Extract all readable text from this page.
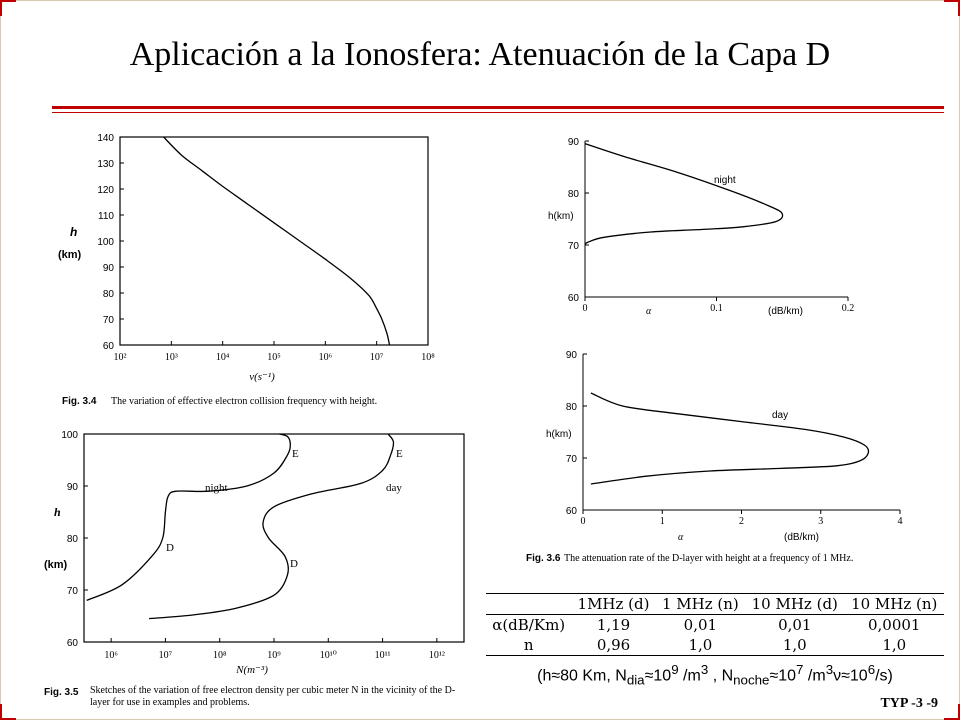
Aplicación a la Ionosfera: Atenuación de la Capa D
h
(km)
ν(s⁻¹)
Fig. 3.4 The variation of effective electron collision frequency with height.
10²	10³	10⁴	10⁵	10⁶	10⁷	10⁸
140
130
120
110
100
90
80
70
60
h
(km)
N(m⁻³)
Fig. 3.5 Sketches of the variation of free electron density per cubic meter N in the vicinity of the D-layer for use in examples and problems.
E	E
night	day
D
D
10⁶	10⁷	10⁸	10⁹	10¹⁰	10¹¹	10¹²
100
90
80
70
60
h(km)
α	(dB/km)
night
0	0.1	0.2
90
80
70
60
h(km)
α	(dB/km)
day
Fig. 3.6 The attenuation rate of the D-layer with height at a frequency of 1 MHz.
0	1	2	3	4
90
80
70
60
	1MHz (d)	1 MHz (n)	10 MHz (d)	10 MHz (n)
α(dB/Km)	1,19	0,01	0,01	0,0001
n	0,96	1,0	1,0	1,0
(h≈80 Km, $N_{dia}\approx 10^9$ $/m^3$ , $N_{noche}\approx 10^7$ $/m^3\nu\approx 10^6/s$)
TYP -3 -9
